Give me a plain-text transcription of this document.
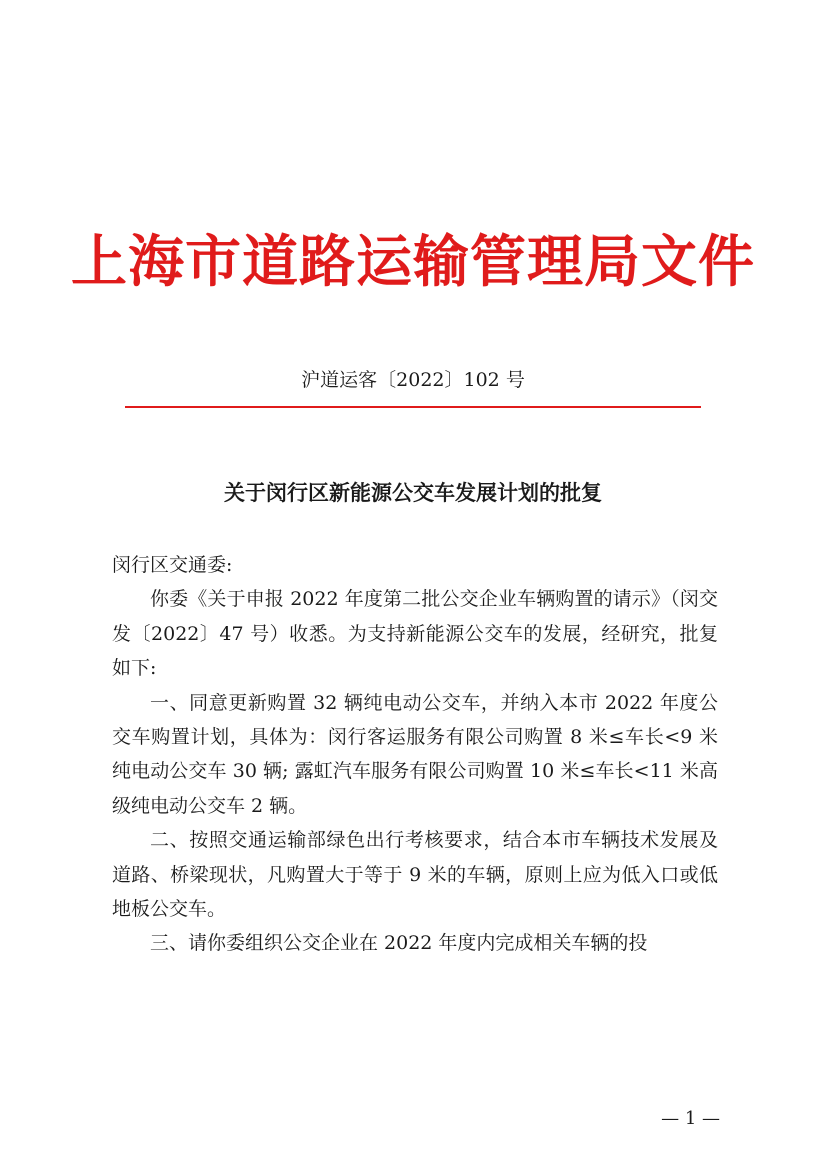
上海市道路运输管理局文件
沪道运客〔2022〕102 号
关于闵行区新能源公交车发展计划的批复

闵行区交通委:

你委《关于申报 2022 年度第二批公交企业车辆购置的请示》（闵交发〔2022〕47 号）收悉。为支持新能源公交车的发展，经研究，批复如下:

一、同意更新购置 32 辆纯电动公交车，并纳入本市 2022 年度公交车购置计划，具体为：闵行客运服务有限公司购置 8 米≤车长<9 米纯电动公交车 30 辆; 露虹汽车服务有限公司购置 10 米≤车长<11 米高级纯电动公交车 2 辆。

二、按照交通运输部绿色出行考核要求，结合本市车辆技术发展及道路、桥梁现状，凡购置大于等于 9 米的车辆，原则上应为低入口或低地板公交车。

三、请你委组织公交企业在 2022 年度内完成相关车辆的投

— 1 —
